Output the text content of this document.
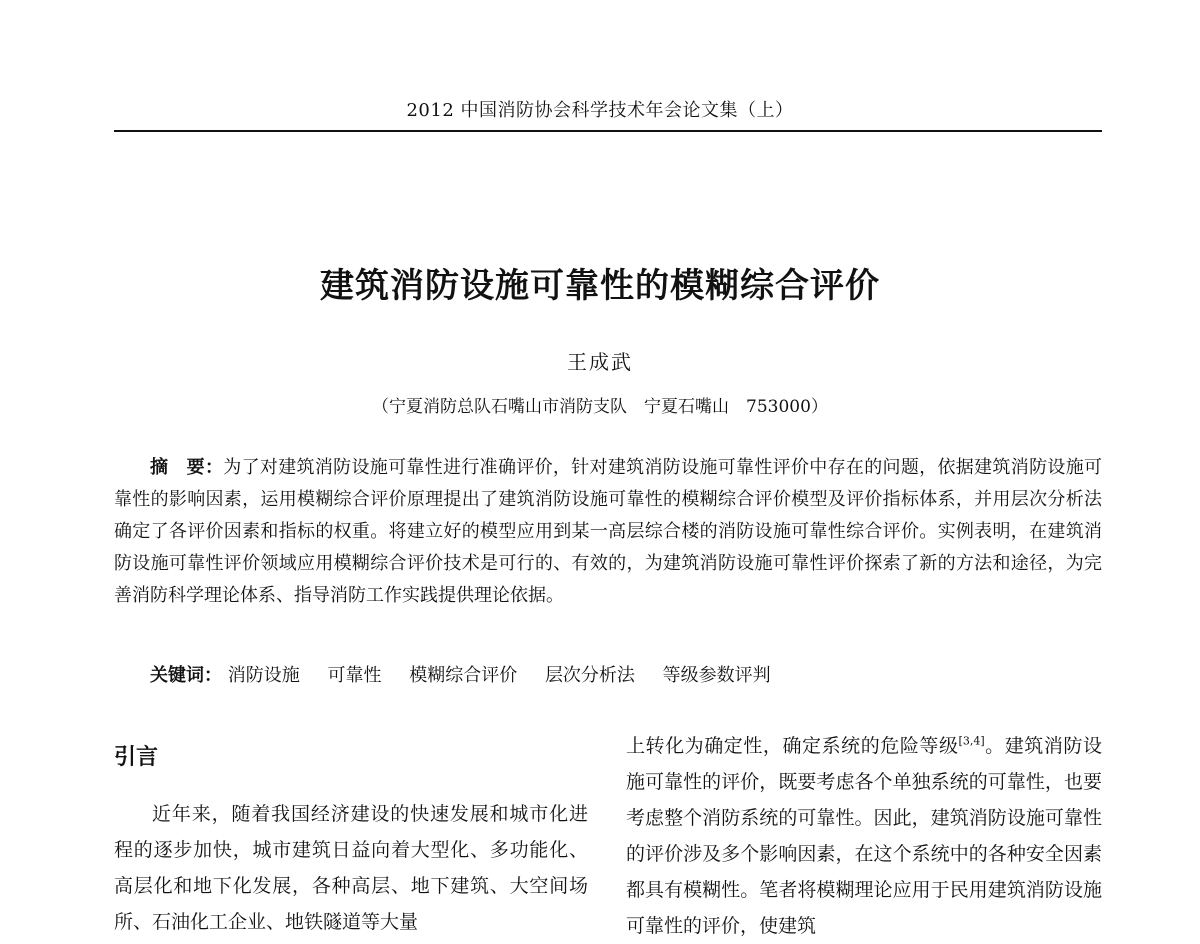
2012 中国消防协会科学技术年会论文集（上）
建筑消防设施可靠性的模糊综合评价
王成武
（宁夏消防总队石嘴山市消防支队　宁夏石嘴山　753000）
摘　要：为了对建筑消防设施可靠性进行准确评价，针对建筑消防设施可靠性评价中存在的问题，依据建筑消防设施可靠性的影响因素，运用模糊综合评价原理提出了建筑消防设施可靠性的模糊综合评价模型及评价指标体系，并用层次分析法确定了各评价因素和指标的权重。将建立好的模型应用到某一高层综合楼的消防设施可靠性综合评价。实例表明，在建筑消防设施可靠性评价领域应用模糊综合评价技术是可行的、有效的，为建筑消防设施可靠性评价探索了新的方法和途径，为完善消防科学理论体系、指导消防工作实践提供理论依据。
关键词： 消防设施 可靠性 模糊综合评价 层次分析法 等级参数评判
引言

近年来，随着我国经济建设的快速发展和城市化进程的逐步加快，城市建筑日益向着大型化、多功能化、高层化和地下化发展，各种高层、地下建筑、大空间场所、石油化工企业、地铁隧道等大量

上转化为确定性，确定系统的危险等级[3,4]。建筑消防设施可靠性的评价，既要考虑各个单独系统的可靠性，也要考虑整个消防系统的可靠性。因此，建筑消防设施可靠性的评价涉及多个影响因素，在这个系统中的各种安全因素都具有模糊性。笔者将模糊理论应用于民用建筑消防设施可靠性的评价，使建筑
